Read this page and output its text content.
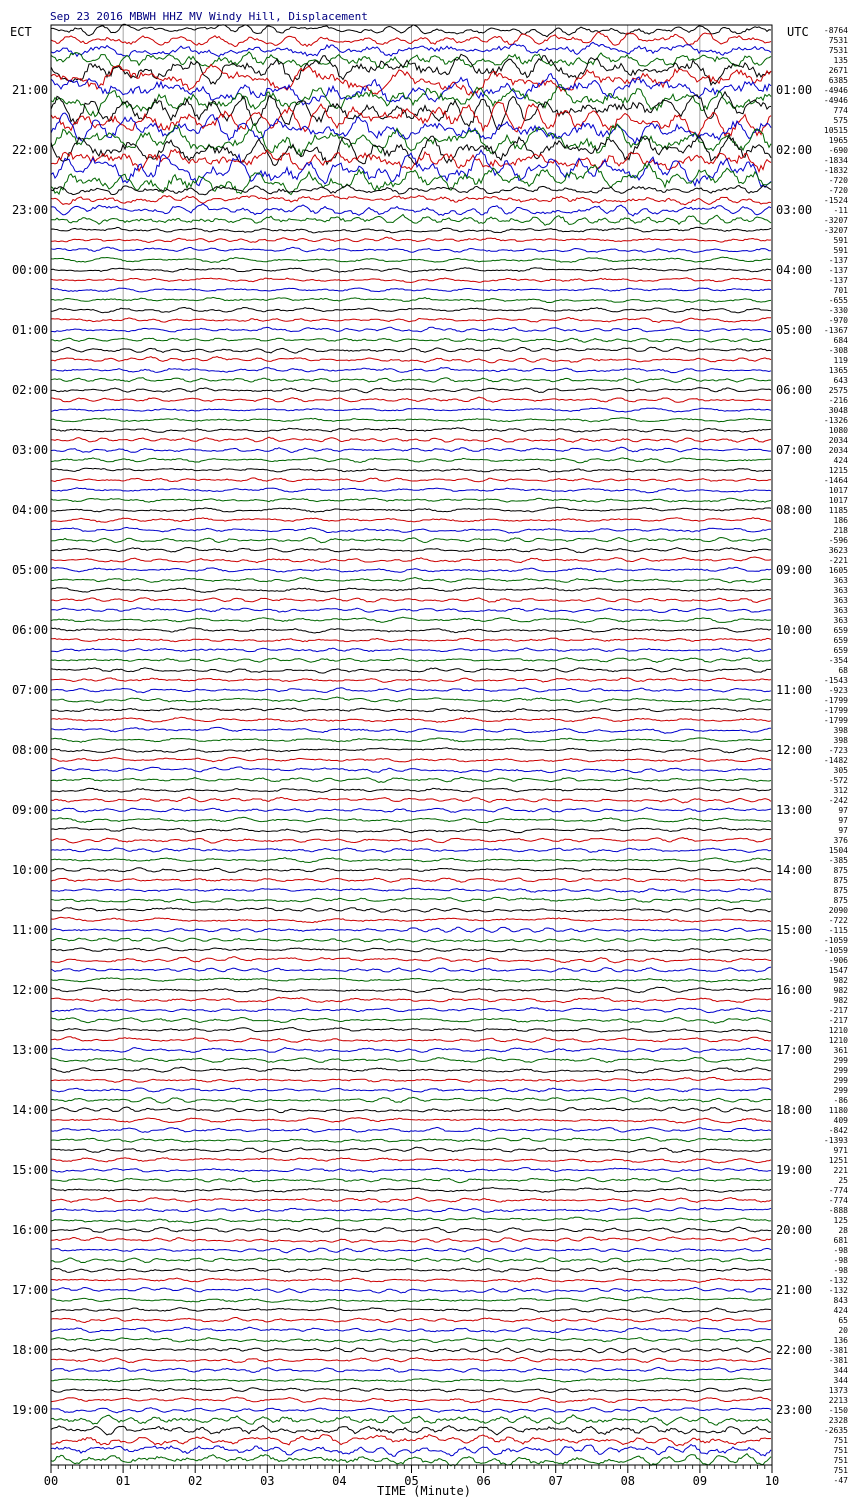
Sep 23 2016 MBWH HHZ MV Windy Hill, Displacement
ECT	UTC
21:00
22:00
23:00
00:00
01:00
02:00
03:00
04:00
05:00
06:00
07:00
08:00
09:00
10:00
11:00
12:00
13:00
14:00
15:00
16:00
17:00
18:00
19:00
01:00
02:00
03:00
04:00
05:00
06:00
07:00
08:00
09:00
10:00
11:00
12:00
13:00
14:00
15:00
16:00
17:00
18:00
19:00
20:00
21:00
22:00
23:00
-8764
7531
7531
135
2671
6385
-4946
-4946
774
575
10515
1965
-690
-1834
-1832
-720
-720
-1524
-11
-3207
-3207
591
591
-137
-137
-137
701
-655
-330
-970
-1367
684
-308
119
1365
643
2575
-216
3048
-1326
1080
2034
2034
424
1215
-1464
1017
1017
1185
186
218
-596
3623
-221
1605
363
363
363
363
363
659
659
659
-354
68
-1543
-923
-1799
-1799
-1799
398
398
-723
-1482
305
-572
312
-242
97
97
97
376
1504
-385
875
875
875
875
2090
-722
-115
-1059
-1059
-906
1547
982
982
982
-217
-217
1210
1210
361
299
299
299
299
-86
1180
409
-842
-1393
971
1251
221
25
-774
-774
-888
125
28
681
-98
-98
-98
-132
-132
843
424
65
20
136
-381
-381
344
344
1373
2213
-150
2328
-2635
751
751
751
751
-47
00	01	02	03	04	05	06	07	08	09	10
TIME (Minute)
